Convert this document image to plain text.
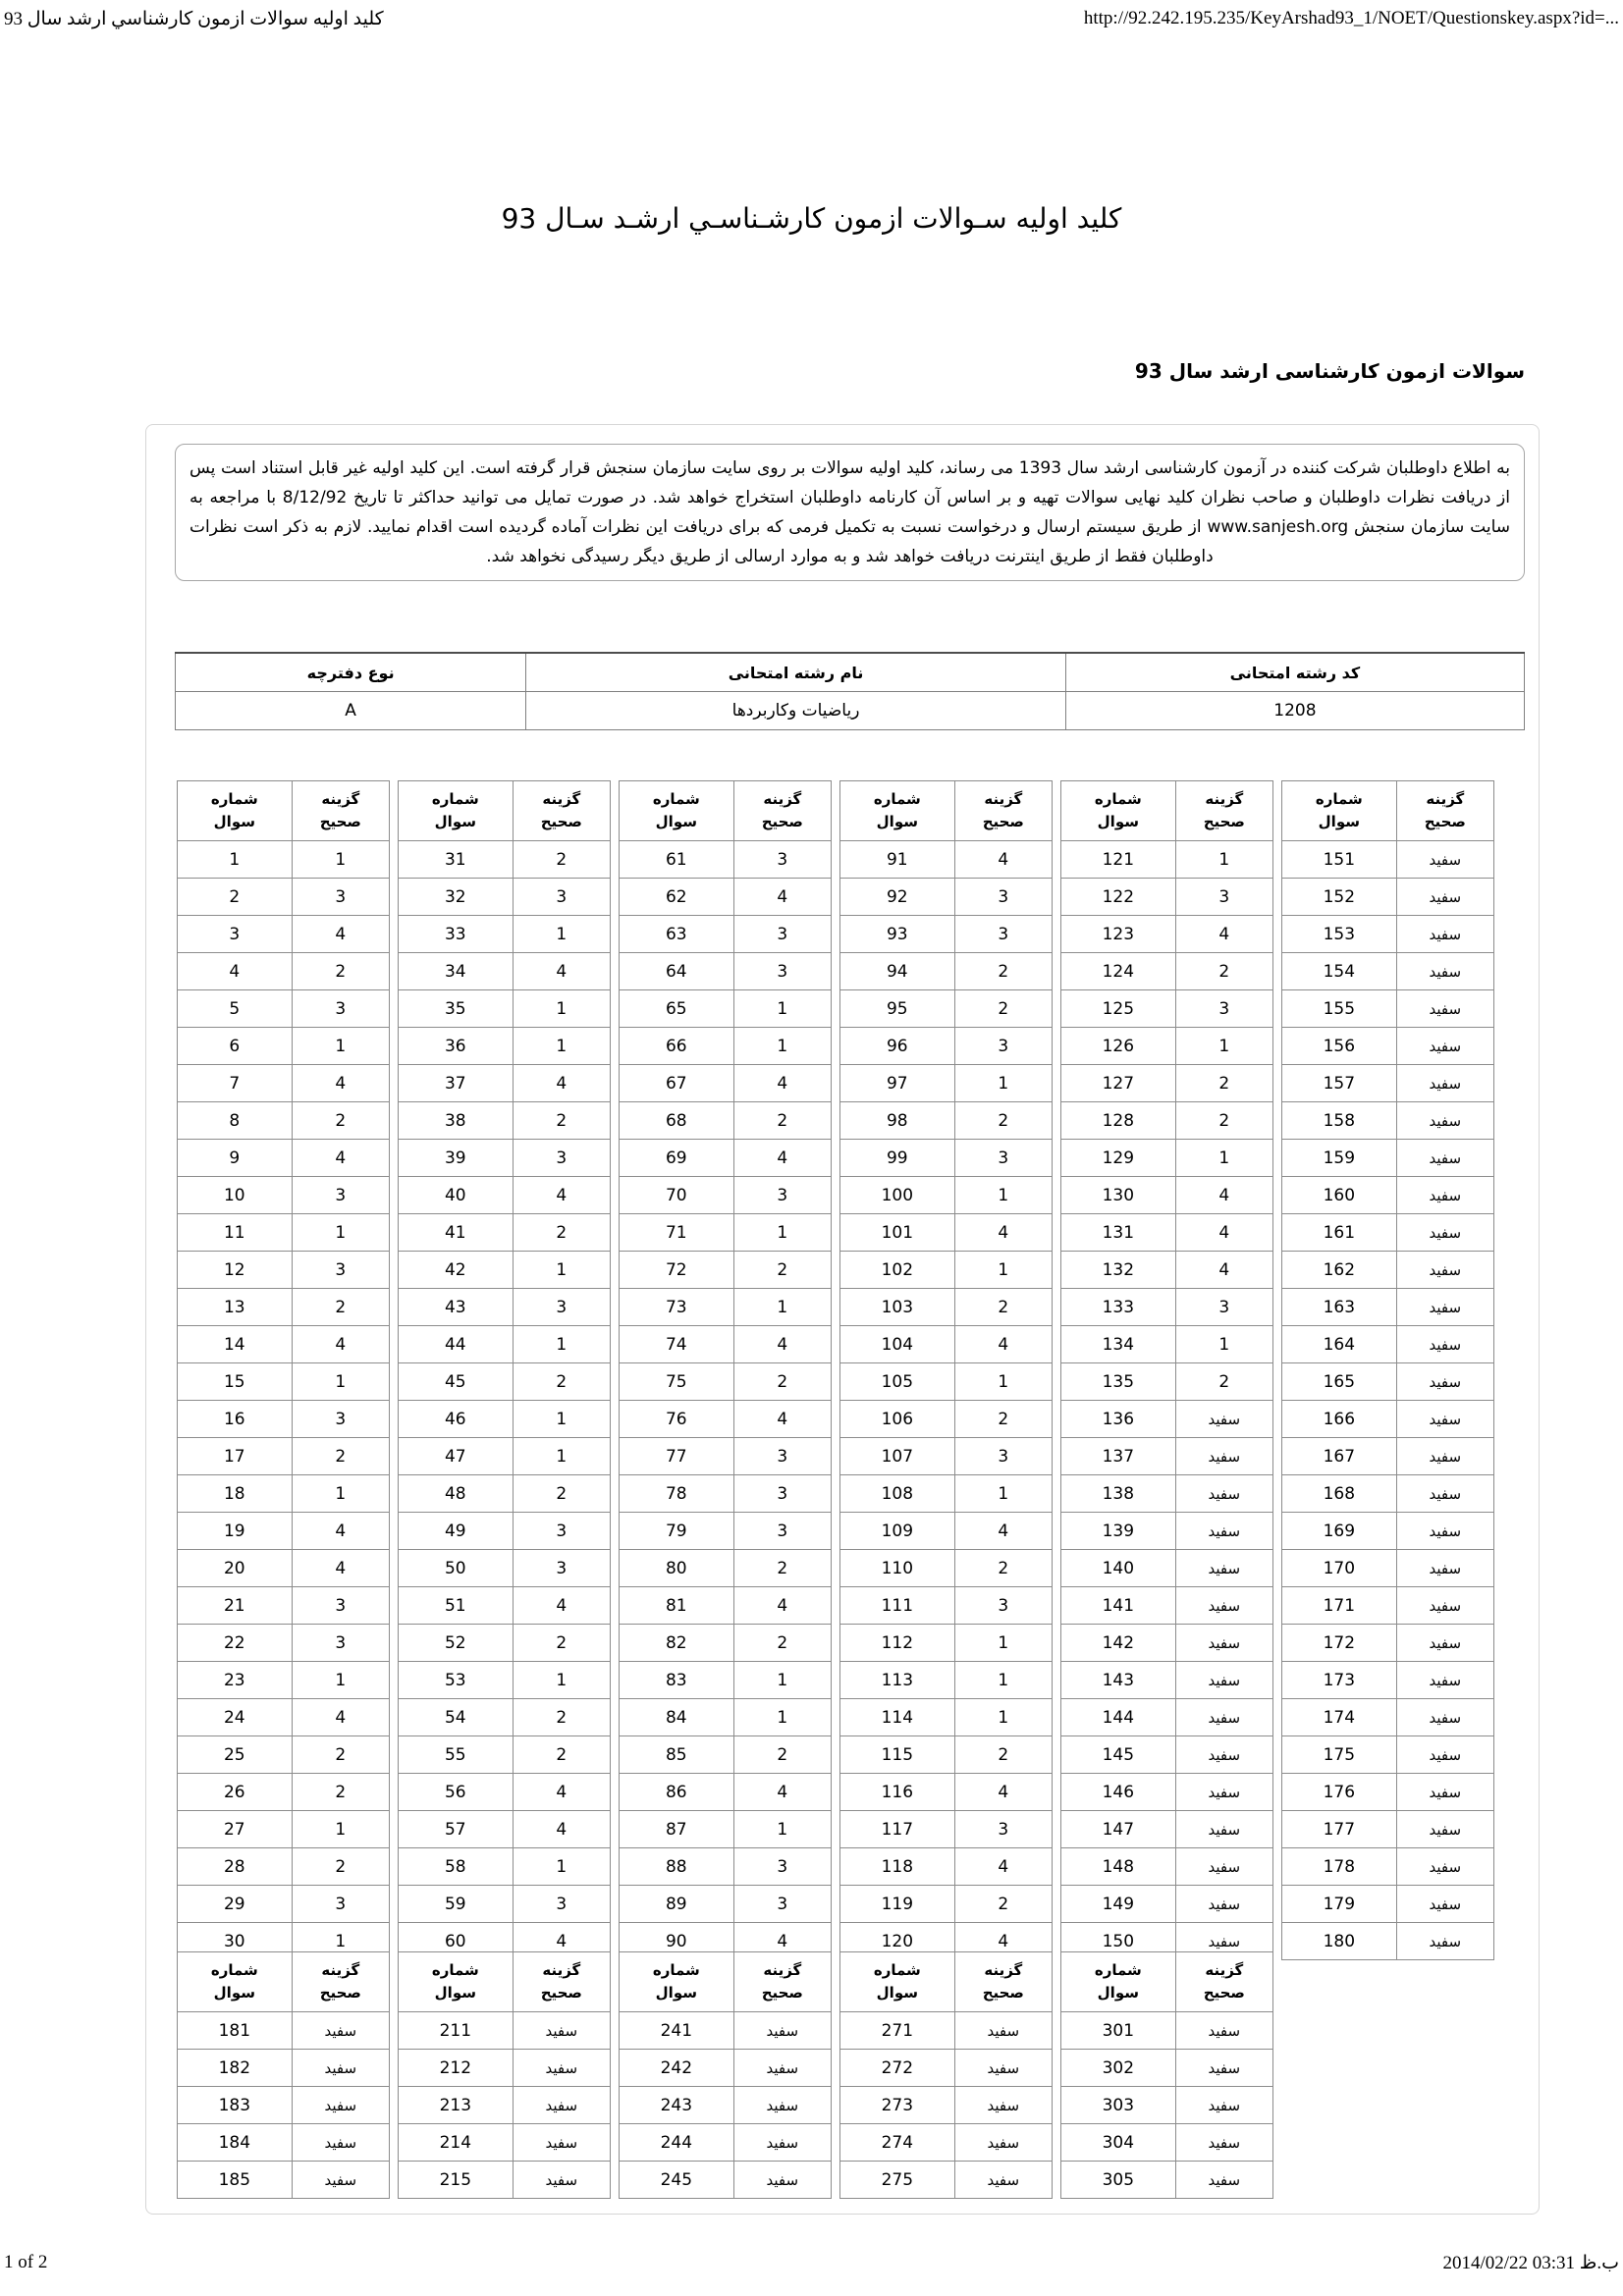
کلید اولیه سوالات ازمون کارشناسي ارشد سال 93	http://92.242.195.235/KeyArshad93_1/NOET/Questionskey.aspx?id=...
کلید اولیه سـوالات ازمون کارشـناسـي ارشـد سـال 93
سوالات ازمون کارشناسی ارشد سال 93
به اطلاع داوطلبان شرکت کننده در آزمون کارشناسی ارشد سال 1393 می رساند، کلید اولیه سوالات بر روی سایت سازمان سنجش قرار گرفته است. این کلید اولیه غیر قابل استناد است پس از دریافت نظرات داوطلبان و صاحب نظران کلید نهایی سوالات تهیه و بر اساس آن کارنامه داوطلبان استخراج خواهد شد. در صورت تمایل می توانید حداکثر تا تاریخ 8/12/92 با مراجعه به سایت سازمان سنجش www.sanjesh.org از طریق سیستم ارسال و درخواست نسبت به تکمیل فرمی که برای دریافت این نظرات آماده گردیده است اقدام نمایید. لازم به ذکر است نظرات داوطلبان فقط از طریق اینترنت دریافت خواهد شد و به موارد ارسالی از طریق دیگر رسیدگی نخواهد شد.
کد رشته امتحانی	نام رشته امتحانی	نوع دفترچه
1208	ریاضیات وکاربردها	A
شماره سوال	گزینه صحیح
1	1
2	3
3	4
4	2
5	3
6	1
7	4
8	2
9	4
10	3
11	1
12	3
13	2
14	4
15	1
16	3
17	2
18	1
19	4
20	4
21	3
22	3
23	1
24	4
25	2
26	2
27	1
28	2
29	3
30	1
شماره سوال	گزینه صحیح
31	2
32	3
33	1
34	4
35	1
36	1
37	4
38	2
39	3
40	4
41	2
42	1
43	3
44	1
45	2
46	1
47	1
48	2
49	3
50	3
51	4
52	2
53	1
54	2
55	2
56	4
57	4
58	1
59	3
60	4
شماره سوال	گزینه صحیح
61	3
62	4
63	3
64	3
65	1
66	1
67	4
68	2
69	4
70	3
71	1
72	2
73	1
74	4
75	2
76	4
77	3
78	3
79	3
80	2
81	4
82	2
83	1
84	1
85	2
86	4
87	1
88	3
89	3
90	4
شماره سوال	گزینه صحیح
91	4
92	3
93	3
94	2
95	2
96	3
97	1
98	2
99	3
100	1
101	4
102	1
103	2
104	4
105	1
106	2
107	3
108	1
109	4
110	2
111	3
112	1
113	1
114	1
115	2
116	4
117	3
118	4
119	2
120	4
شماره سوال	گزینه صحیح
121	1
122	3
123	4
124	2
125	3
126	1
127	2
128	2
129	1
130	4
131	4
132	4
133	3
134	1
135	2
136	سفید
137	سفید
138	سفید
139	سفید
140	سفید
141	سفید
142	سفید
143	سفید
144	سفید
145	سفید
146	سفید
147	سفید
148	سفید
149	سفید
150	سفید
شماره سوال	گزینه صحیح
151	سفید
152	سفید
153	سفید
154	سفید
155	سفید
156	سفید
157	سفید
158	سفید
159	سفید
160	سفید
161	سفید
162	سفید
163	سفید
164	سفید
165	سفید
166	سفید
167	سفید
168	سفید
169	سفید
170	سفید
171	سفید
172	سفید
173	سفید
174	سفید
175	سفید
176	سفید
177	سفید
178	سفید
179	سفید
180	سفید
شماره سوال	گزینه صحیح
181	سفید
182	سفید
183	سفید
184	سفید
185	سفید
شماره سوال	گزینه صحیح
211	سفید
212	سفید
213	سفید
214	سفید
215	سفید
شماره سوال	گزینه صحیح
241	سفید
242	سفید
243	سفید
244	سفید
245	سفید
شماره سوال	گزینه صحیح
271	سفید
272	سفید
273	سفید
274	سفید
275	سفید
شماره سوال	گزینه صحیح
301	سفید
302	سفید
303	سفید
304	سفید
305	سفید
1 of 2	2014/02/22 03:31 ب.ظ
